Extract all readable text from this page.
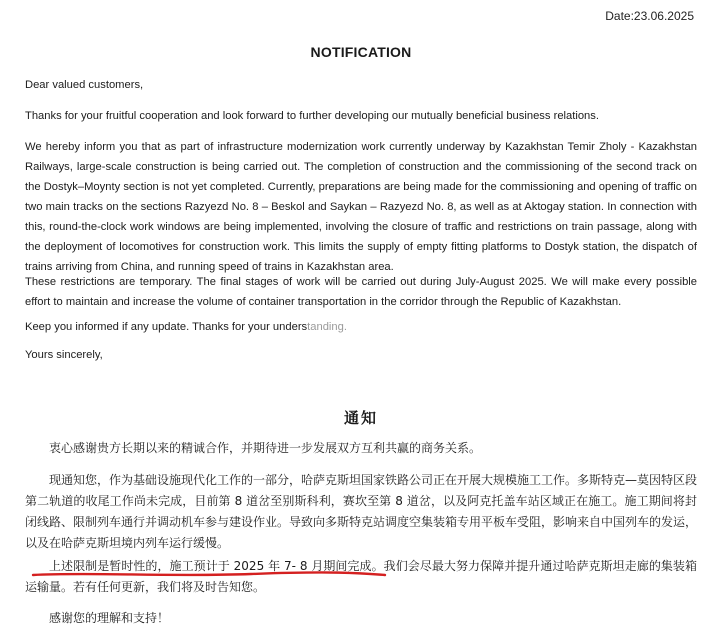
Date:23.06.2025
NOTIFICATION
Dear valued customers,
Thanks for your fruitful cooperation and look forward to further developing our mutually beneficial business relations.
We hereby inform you that as part of infrastructure modernization work currently underway by Kazakhstan Temir Zholy - Kazakhstan Railways, large-scale construction is being carried out. The completion of construction and the commissioning of the second track on the Dostyk–Moynty section is not yet completed. Currently, preparations are being made for the commissioning and opening of traffic on two main tracks on the sections Razyezd No. 8 – Beskol and Saykan – Razyezd No. 8, as well as at Aktogay station. In connection with this, round-the-clock work windows are being implemented, involving the closure of traffic and restrictions on train passage, along with the deployment of locomotives for construction work. This limits the supply of empty fitting platforms to Dostyk station, the dispatch of trains arriving from China, and running speed of trains in Kazakhstan area.
These restrictions are temporary. The final stages of work will be carried out during July-August 2025. We will make every possible effort to maintain and increase the volume of container transportation in the corridor through the Republic of Kazakhstan.
Keep you informed if any update. Thanks for your understanding.
Yours sincerely,
通知

衷心感谢贵方长期以来的精诚合作，并期待进一步发展双方互利共赢的商务关系。

现通知您，作为基础设施现代化工作的一部分，哈萨克斯坦国家铁路公司正在开展大规模施工工作。多斯特克—莫因特区段第二轨道的收尾工作尚未完成，目前第 8 道岔至别斯科利，赛坎至第 8 道岔，以及阿克托盖车站区域正在施工。施工期间将封闭线路、限制列车通行并调动机车参与建设作业。导致向多斯特克站调度空集装箱专用平板车受阻，影响来自中国列车的发运，以及在哈萨克斯坦境内列车运行缓慢。

上述限制是暂时性的，施工预计于 2025 年 7- 8 月期间完成。我们会尽最大努力保障并提升通过哈萨克斯坦走廊的集装箱运输量。若有任何更新，我们将及时告知您。

感谢您的理解和支持！
